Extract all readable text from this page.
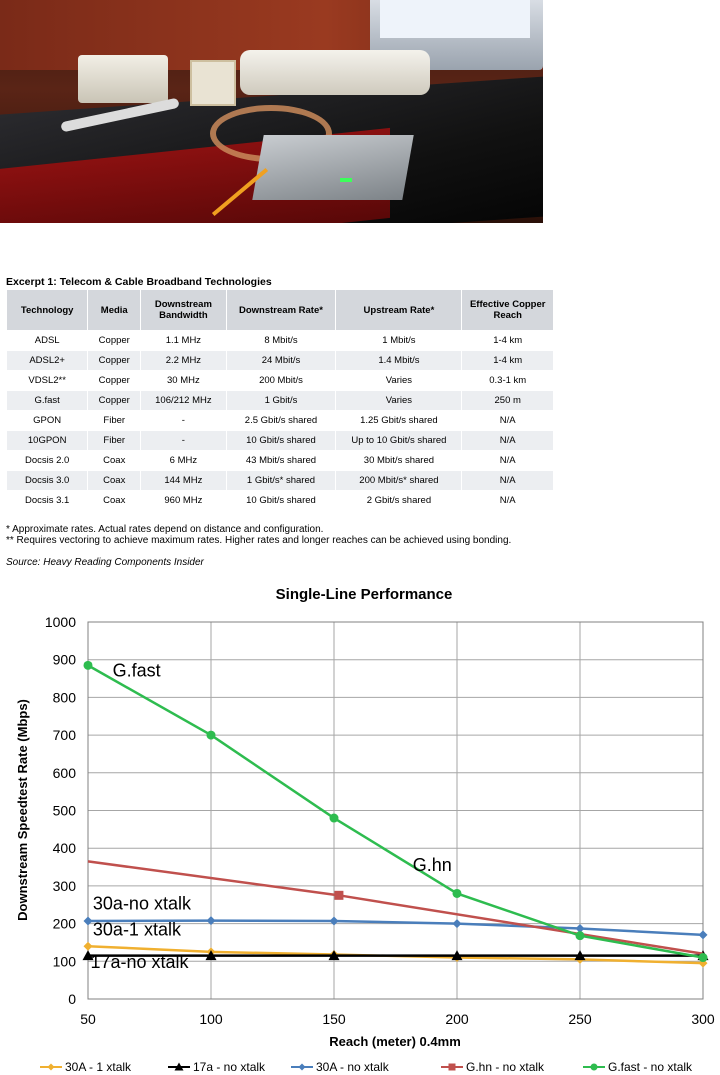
Excerpt 1: Telecom & Cable Broadband Technologies
Technology	Media	Downstream Bandwidth	Downstream Rate*	Upstream Rate*	Effective Copper Reach
ADSL	Copper	1.1 MHz	8 Mbit/s	1 Mbit/s	1-4 km
ADSL2+	Copper	2.2 MHz	24 Mbit/s	1.4 Mbit/s	1-4 km
VDSL2**	Copper	30 MHz	200 Mbit/s	Varies	0.3-1 km
G.fast	Copper	106/212 MHz	1 Gbit/s	Varies	250 m
GPON	Fiber	-	2.5 Gbit/s shared	1.25 Gbit/s shared	N/A
10GPON	Fiber	-	10 Gbit/s shared	Up to 10 Gbit/s shared	N/A
Docsis 2.0	Coax	6 MHz	43 Mbit/s shared	30 Mbit/s shared	N/A
Docsis 3.0	Coax	144 MHz	1 Gbit/s* shared	200 Mbit/s* shared	N/A
Docsis 3.1	Coax	960 MHz	10 Gbit/s shared	2 Gbit/s shared	N/A
* Approximate rates. Actual rates depend on distance and configuration.
** Requires vectoring to achieve maximum rates. Higher rates and longer reaches can be achieved using bonding.
Source: Heavy Reading Components Insider
Single-Line Performance
0
100
200
300
400
500
600
700
800
900
1000
50	100	150	200	250	300
Downstream Speedtest Rate (Mbps)
Reach (meter) 0.4mm
G.fast
G.hn
30a-no xtalk
30a-1 xtalk
17a-no xtalk
30A - 1 xtalk	17a - no xtalk	30A - no xtalk	G.hn - no xtalk	G.fast - no xtalk
